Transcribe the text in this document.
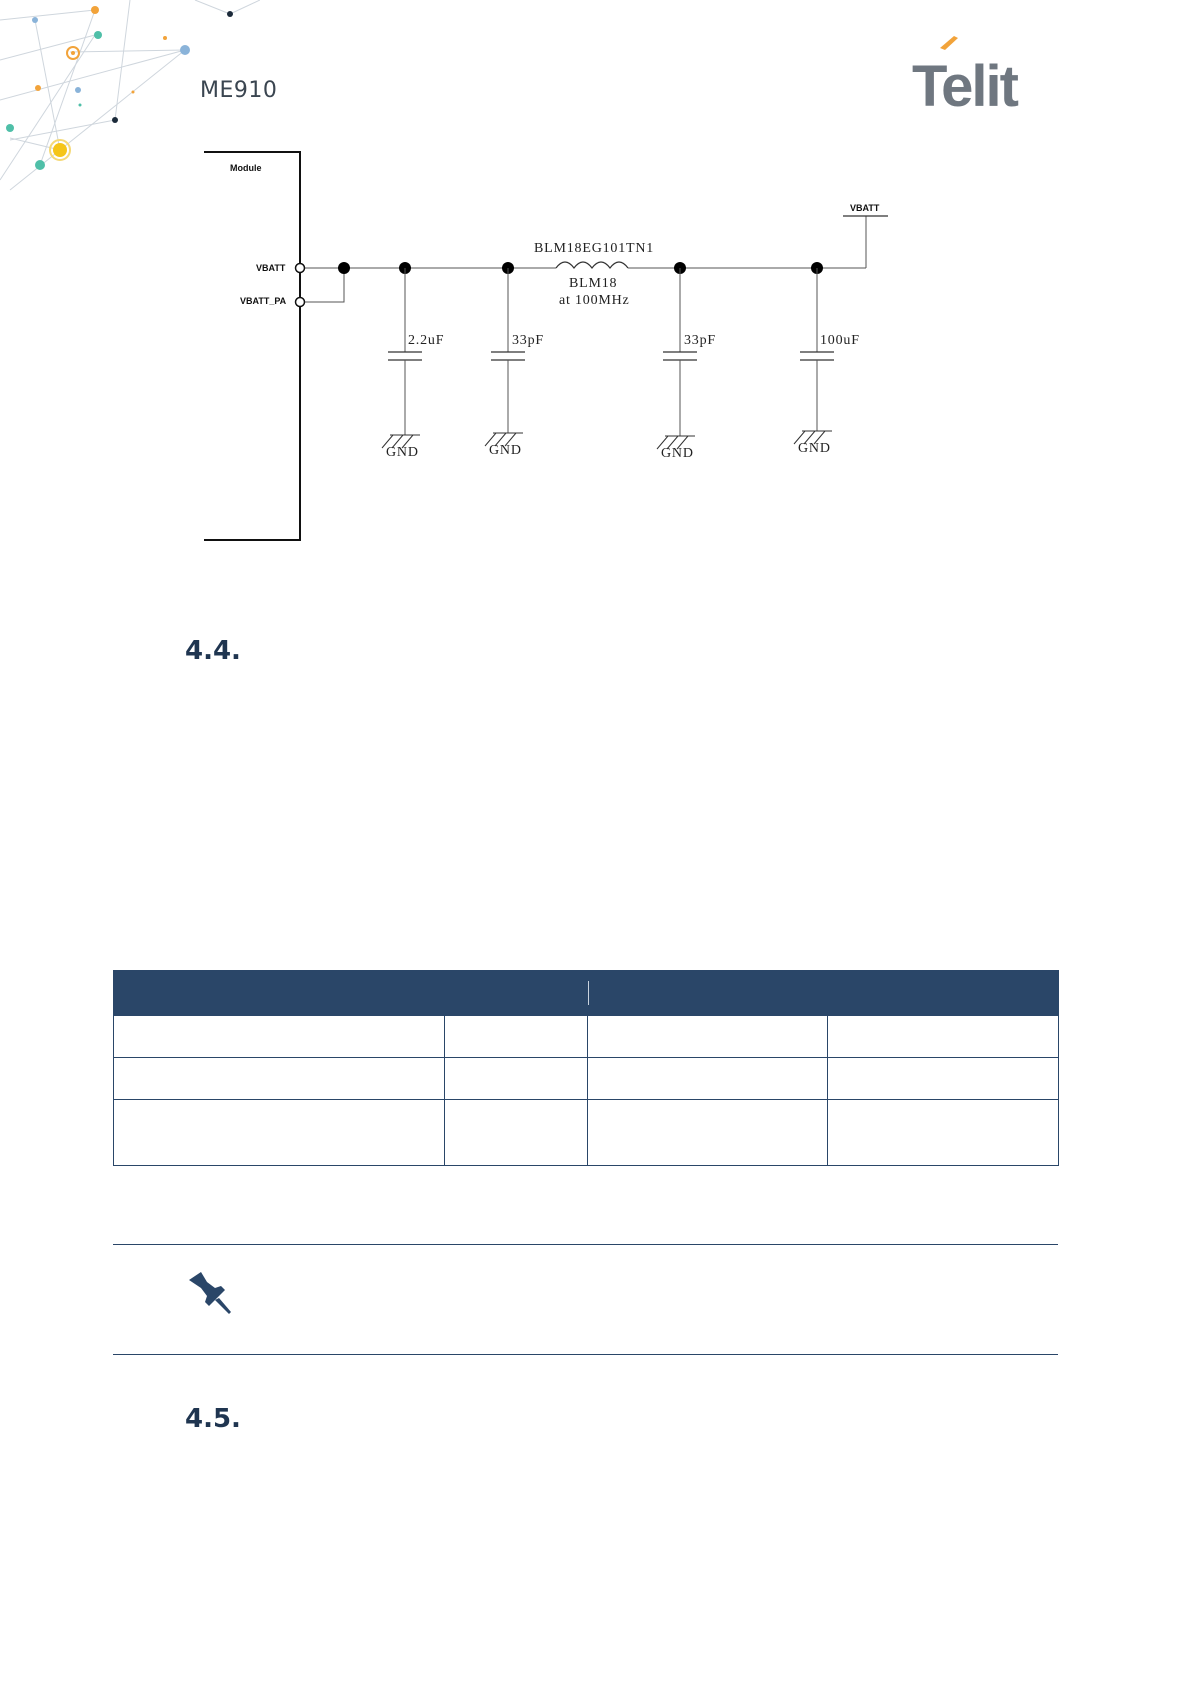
ME910	Telit
Module
VBATT
VBATT_PA
VBATT
BLM18EG101TN1
BLM18
at 100MHz
2.2uF
GND
33pF
GND
33pF
GND
100uF
GND
4.4.

4.5.
